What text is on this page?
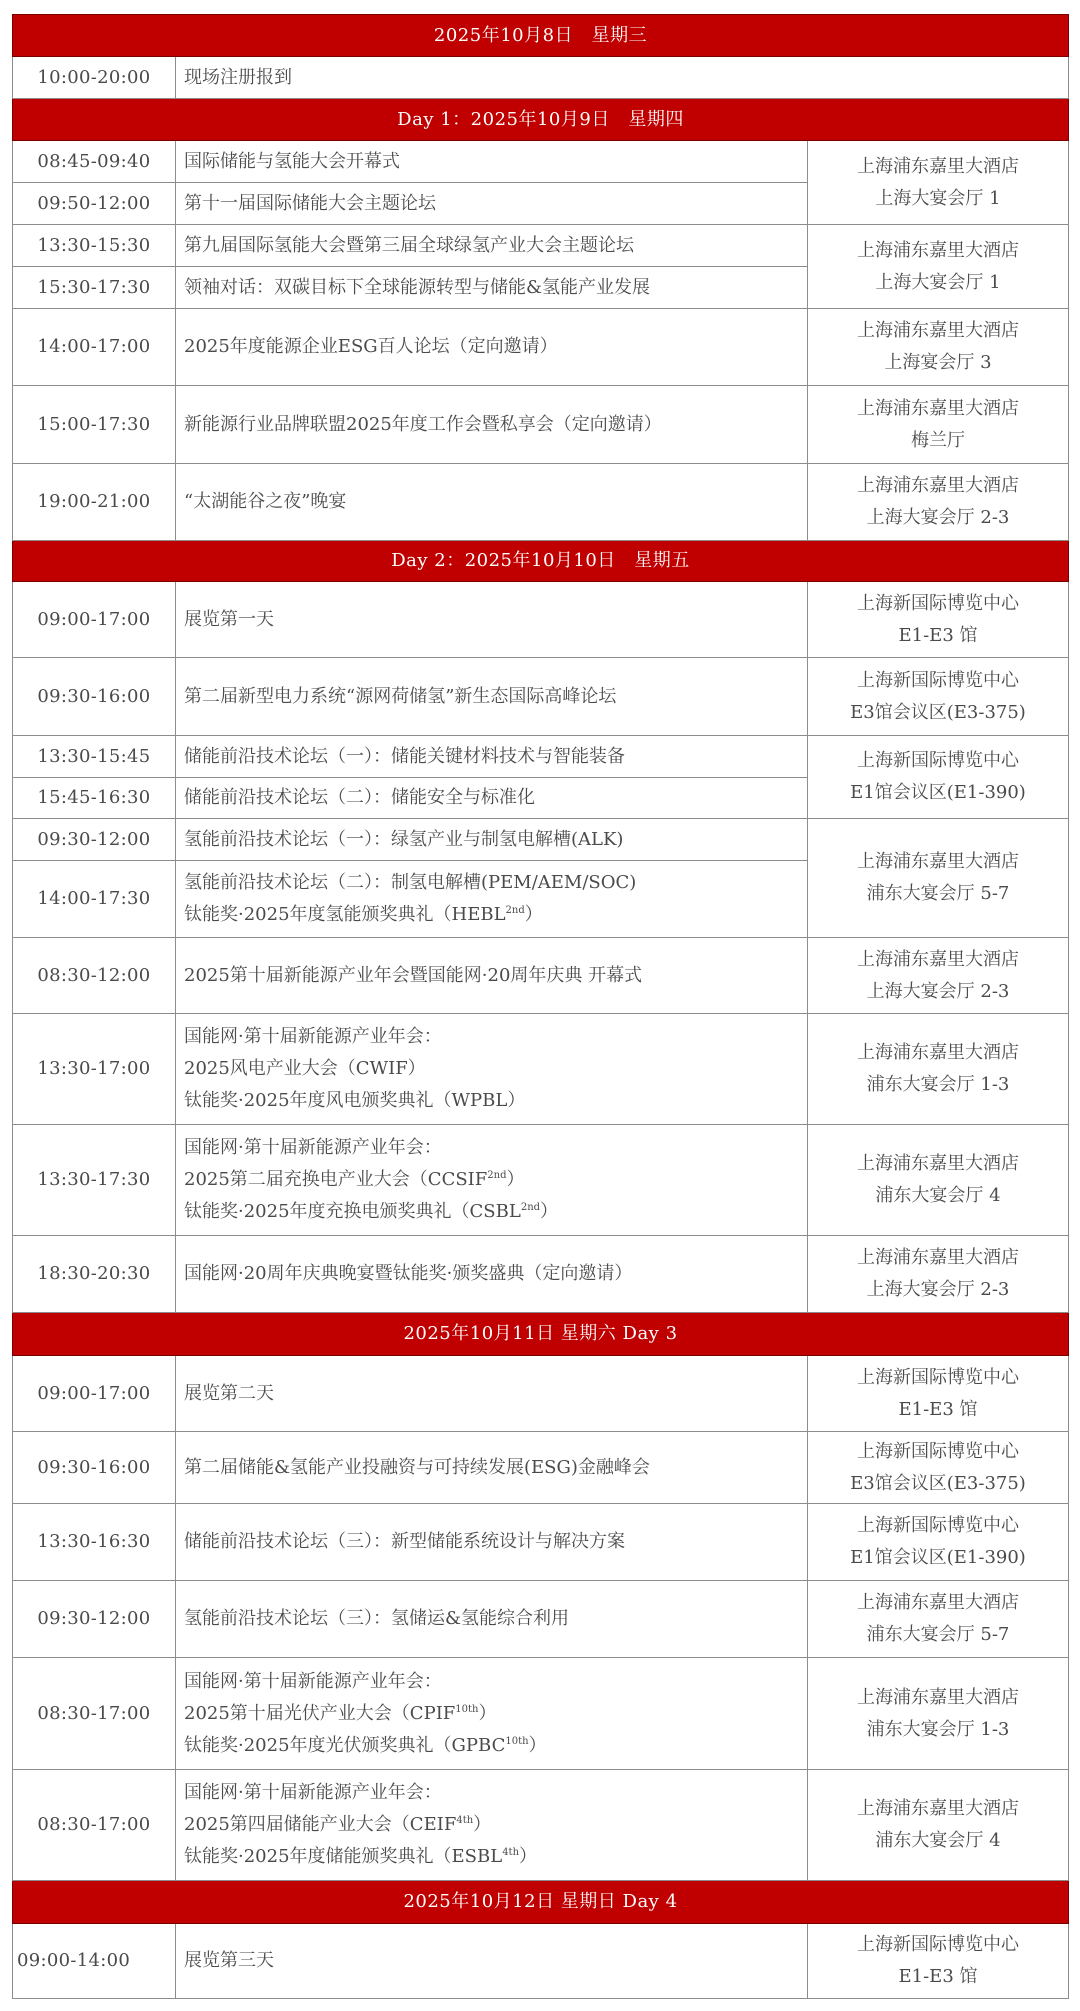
2025年10月8日　星期三		
10:00-20:00	现场注册报到	

Day 1：2025年10月9日　星期四		
08:45-09:40	国际储能与氢能大会开幕式	上海浦东嘉里大酒店
上海大宴会厅 1

09:50-12:00	第十一届国际储能大会主题论坛	

13:30-15:30	第九届国际氢能大会暨第三届全球绿氢产业大会主题论坛	上海浦东嘉里大酒店
上海大宴会厅 1

15:30-17:30	领袖对话：双碳目标下全球能源转型与储能&氢能产业发展	

14:00-17:00	2025年度能源企业ESG百人论坛（定向邀请）	上海浦东嘉里大酒店
上海宴会厅 3

15:00-17:30	新能源行业品牌联盟2025年度工作会暨私享会（定向邀请）	上海浦东嘉里大酒店
梅兰厅

19:00-21:00	“太湖能谷之夜”晚宴	上海浦东嘉里大酒店
上海大宴会厅 2-3

Day 2：2025年10月10日　星期五		
09:00-17:00	展览第一天	上海新国际博览中心
E1-E3 馆

09:30-16:00	第二届新型电力系统“源网荷储氢”新生态国际高峰论坛	上海新国际博览中心
E3馆会议区(E3-375)

13:30-15:45	储能前沿技术论坛（一）：储能关键材料技术与智能装备	上海新国际博览中心
E1馆会议区(E1-390)

15:45-16:30	储能前沿技术论坛（二）：储能安全与标准化	

09:30-12:00	氢能前沿技术论坛（一）：绿氢产业与制氢电解槽(ALK)	上海浦东嘉里大酒店
浦东大宴会厅 5-7

14:00-17:30	氢能前沿技术论坛（二）：制氢电解槽(PEM/AEM/SOC)
钛能奖·2025年度氢能颁奖典礼$(HEBL^{2nd})$	

08:30-12:00	2025第十届新能源产业年会暨国能网·20周年庆典 开幕式	上海浦东嘉里大酒店
上海大宴会厅 2-3

13:30-17:00	国能网·第十届新能源产业年会：
2025风电产业大会（CWIF）
钛能奖·2025年度风电颁奖典礼（WPBL）	上海浦东嘉里大酒店
浦东大宴会厅 1-3

13:30-17:30	国能网·第十届新能源产业年会：
2025第二届充换电产业大会$(CCSIF^{2nd})$
钛能奖·2025年度充换电颁奖典礼$(CSBL^{2nd})$	上海浦东嘉里大酒店
浦东大宴会厅 4

18:30-20:30	国能网·20周年庆典晚宴暨钛能奖·颁奖盛典（定向邀请）	上海浦东嘉里大酒店
上海大宴会厅 2-3

2025年10月11日 星期六 Day 3		
09:00-17:00	展览第二天	上海新国际博览中心
E1-E3 馆

09:30-16:00	第二届储能&氢能产业投融资与可持续发展(ESG)金融峰会	上海新国际博览中心
E3馆会议区(E3-375)

13:30-16:30	储能前沿技术论坛（三）：新型储能系统设计与解决方案	上海新国际博览中心
E1馆会议区(E1-390)

09:30-12:00	氢能前沿技术论坛（三）：氢储运&氢能综合利用	上海浦东嘉里大酒店
浦东大宴会厅 5-7

08:30-17:00	国能网·第十届新能源产业年会：
2025第十届光伏产业大会$(CPIF^{10th})$
钛能奖·2025年度光伏颁奖典礼$(GPBC^{10th})$	上海浦东嘉里大酒店
浦东大宴会厅 1-3

08:30-17:00	国能网·第十届新能源产业年会：
2025第四届储能产业大会$(CEIF^{4th})$
钛能奖·2025年度储能颁奖典礼$(ESBL^{4th})$	上海浦东嘉里大酒店
浦东大宴会厅 4

2025年10月12日 星期日 Day 4		
09:00-14:00	展览第三天	上海新国际博览中心
E1-E3 馆
